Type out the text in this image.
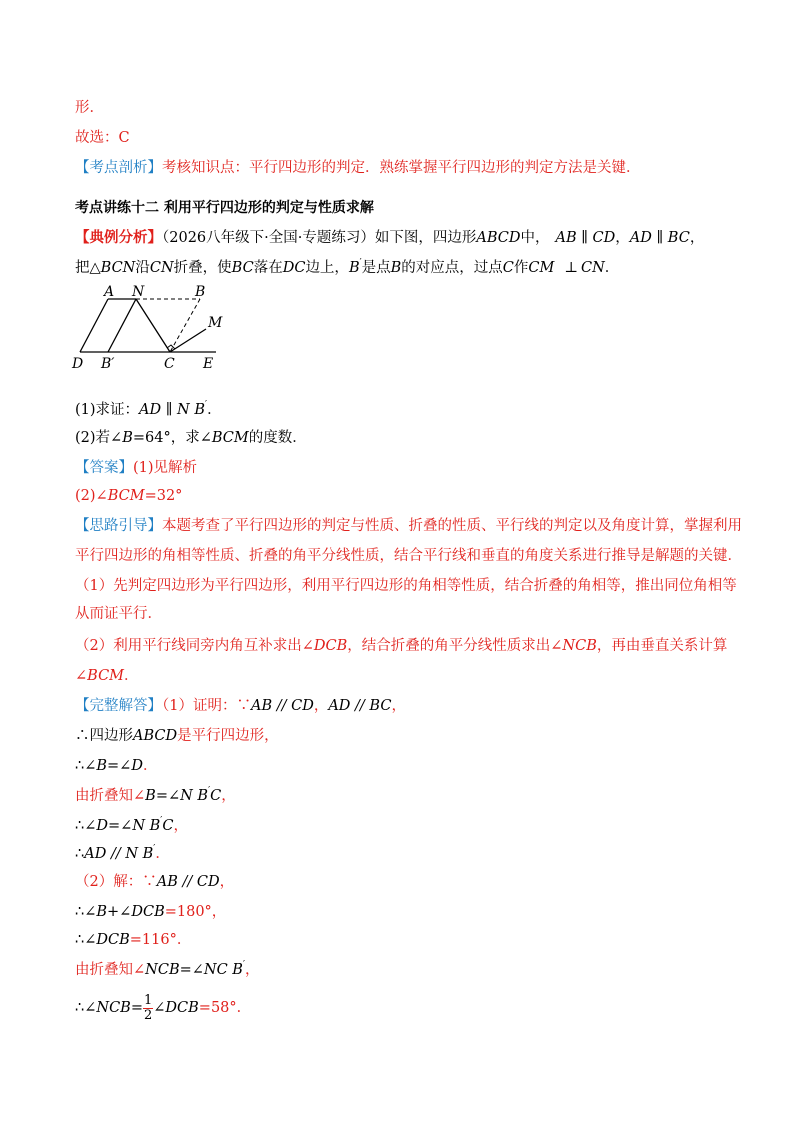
形．
故选：C
【考点剖析】考核知识点：平行四边形的判定．熟练掌握平行四边形的判定方法是关键．
考点讲练十二 利用平行四边形的判定与性质求解
【典例分析】（2026八年级下·全国·专题练习）如下图，四边形ABCD中， AB ∥ CD，AD ∥ BC，
把△BCN沿CN折叠，使BC落在DC边上，B′是点B的对应点，过点C作CM ⊥ CN．
A N	B
M
D B′	C E
(1)求证：AD ∥ N B′．
(2)若∠B=64°，求∠BCM的度数．
【答案】(1)见解析
(2)∠BCM=32°
【思路引导】本题考查了平行四边形的判定与性质、折叠的性质、平行线的判定以及角度计算，掌握利用
平行四边形的角相等性质、折叠的角平分线性质，结合平行线和垂直的角度关系进行推导是解题的关键．
（1）先判定四边形为平行四边形，利用平行四边形的角相等性质，结合折叠的角相等，推出同位角相等
从而证平行．
（2）利用平行线同旁内角互补求出∠DCB，结合折叠的角平分线性质求出∠NCB，再由垂直关系计算
∠BCM．
【完整解答】（1）证明：∵AB // CD，AD // BC，
∴四边形ABCD是平行四边形，
∴∠B=∠D．
由折叠知∠B=∠N B′C，
∴∠D=∠N B′C，
∴AD // N B′．
（2）解：∵AB // CD，
∴∠B+∠DCB=180°，
∴∠DCB=116°．
由折叠知∠NCB=∠NC B′，
∴∠NCB= $\frac{1}{2}$ ∠DCB=58°．
